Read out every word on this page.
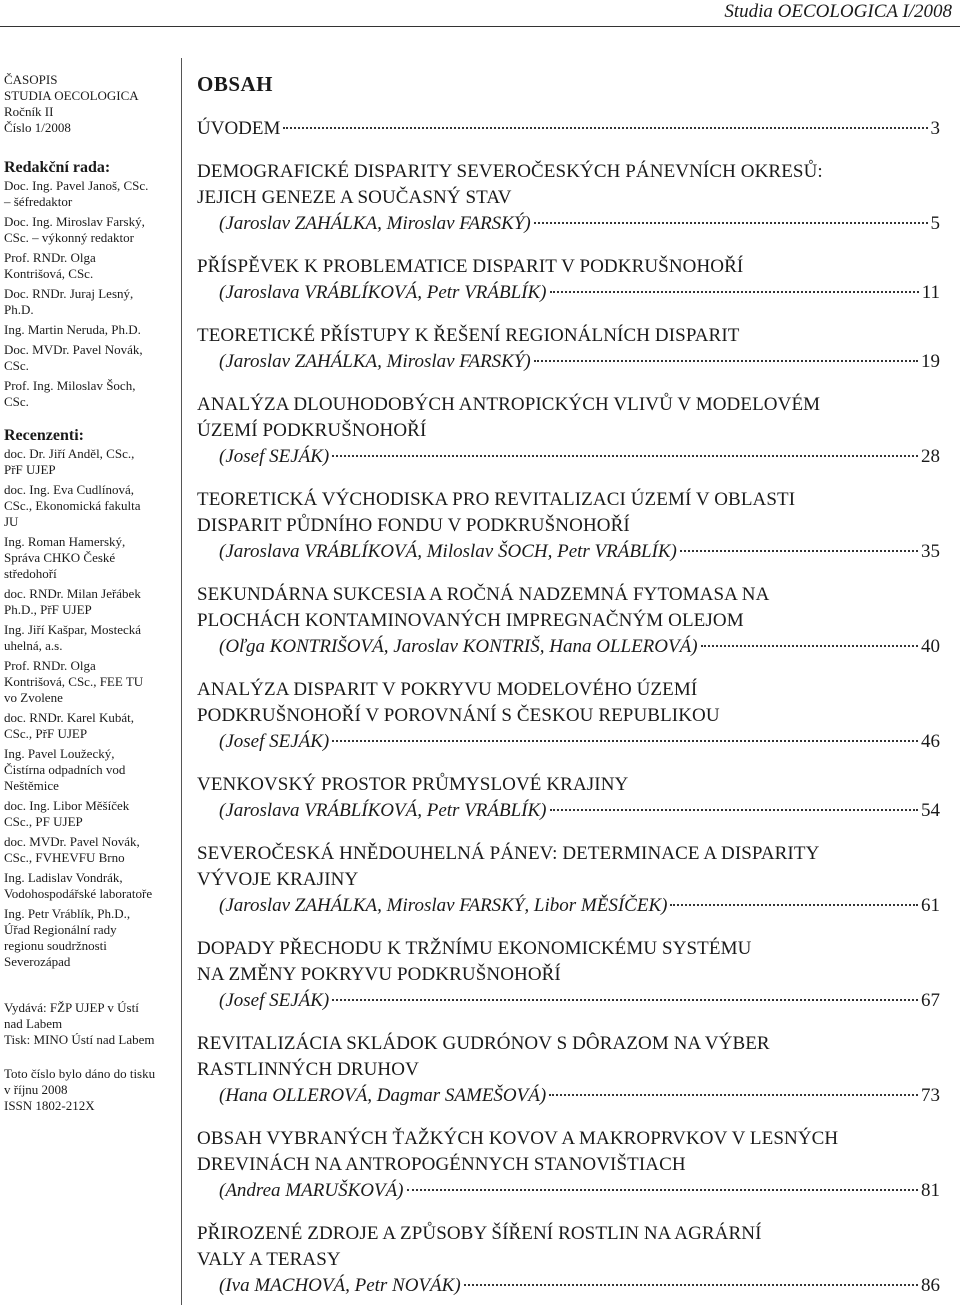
Studia OECOLOGICA I/2008
ČASOPIS
STUDIA OECOLOGICA
Ročník II
Číslo 1/2008
Redakční rada:
Doc. Ing. Pavel Janoš, CSc.
– šéfredaktor
Doc. Ing. Miroslav Farský,
CSc. – výkonný redaktor
Prof. RNDr. Olga
Kontrišová, CSc.
Doc. RNDr. Juraj Lesný,
Ph.D.
Ing. Martin Neruda, Ph.D.
Doc. MVDr. Pavel Novák,
CSc.
Prof. Ing. Miloslav Šoch,
CSc.
Recenzenti:
doc. Dr. Jiří Anděl, CSc.,
PřF UJEP
doc. Ing. Eva Cudlínová,
CSc., Ekonomická fakulta
JU
Ing. Roman Hamerský,
Správa CHKO České
středohoří
doc. RNDr. Milan Jeřábek
Ph.D., PřF UJEP
Ing. Jiří Kašpar, Mostecká
uhelná, a.s.
Prof. RNDr. Olga
Kontrišová, CSc., FEE TU
vo Zvolene
doc. RNDr. Karel Kubát,
CSc., PřF UJEP
Ing. Pavel Loužecký,
Čistírna odpadních vod
Neštěmice
doc. Ing. Libor Měšíček
CSc., PF UJEP
doc. MVDr. Pavel Novák,
CSc., FVHEVFU Brno
Ing. Ladislav Vondrák,
Vodohospodářské laboratoře
Ing. Petr Vráblík, Ph.D.,
Úřad Regionální rady
regionu soudržnosti
Severozápad
Vydává: FŽP UJEP v Ústí
nad Labem
Tisk: MINO Ústí nad Labem
Toto číslo bylo dáno do tisku
v říjnu 2008
ISSN 1802-212X
OBSAH
ÚVODEM	3
DEMOGRAFICKÉ DISPARITY SEVEROČESKÝCH PÁNEVNÍCH OKRESŮ:
JEJICH GENEZE A SOUČASNÝ STAV
(Jaroslav ZAHÁLKA, Miroslav FARSKÝ)	5
PŘÍSPĚVEK K PROBLEMATICE DISPARIT V PODKRUŠNOHOŘÍ
(Jaroslava VRÁBLÍKOVÁ, Petr VRÁBLÍK)	11
TEORETICKÉ PŘÍSTUPY K ŘEŠENÍ REGIONÁLNÍCH DISPARIT
(Jaroslav ZAHÁLKA, Miroslav FARSKÝ)	19
ANALÝZA DLOUHODOBÝCH ANTROPICKÝCH VLIVŮ V MODELOVÉM
ÚZEMÍ PODKRUŠNOHOŘÍ
(Josef SEJÁK)	28
TEORETICKÁ VÝCHODISKA PRO REVITALIZACI ÚZEMÍ V OBLASTI
DISPARIT PŮDNÍHO FONDU V PODKRUŠNOHOŘÍ
(Jaroslava VRÁBLÍKOVÁ, Miloslav ŠOCH, Petr VRÁBLÍK)	35
SEKUNDÁRNA SUKCESIA A ROČNÁ NADZEMNÁ FYTOMASA NA
PLOCHÁCH KONTAMINOVANÝCH IMPREGNAČNÝM OLEJOM
(Oľga KONTRIŠOVÁ, Jaroslav KONTRIŠ, Hana OLLEROVÁ)	40
ANALÝZA DISPARIT V POKRYVU MODELOVÉHO ÚZEMÍ
PODKRUŠNOHOŘÍ V POROVNÁNÍ S ČESKOU REPUBLIKOU
(Josef SEJÁK)	46
VENKOVSKÝ PROSTOR PRŮMYSLOVÉ KRAJINY
(Jaroslava VRÁBLÍKOVÁ, Petr VRÁBLÍK)	54
SEVEROČESKÁ HNĚDOUHELNÁ PÁNEV: DETERMINACE A DISPARITY
VÝVOJE KRAJINY
(Jaroslav ZAHÁLKA, Miroslav FARSKÝ, Libor MĚSÍČEK)	61
DOPADY PŘECHODU K TRŽNÍMU EKONOMICKÉMU SYSTÉMU
NA ZMĚNY POKRYVU PODKRUŠNOHOŘÍ
(Josef SEJÁK)	67
REVITALIZÁCIA SKLÁDOK GUDRÓNOV S DÔRAZOM NA VÝBER
RASTLINNÝCH DRUHOV
(Hana OLLEROVÁ, Dagmar SAMEŠOVÁ)	73
OBSAH VYBRANÝCH ŤAŽKÝCH KOVOV A MAKROPRVKOV V LESNÝCH
DREVINÁCH NA ANTROPOGÉNNYCH STANOVIŠTIACH
(Andrea MARUŠKOVÁ)	81
PŘIROZENÉ ZDROJE A ZPŮSOBY ŠÍŘENÍ ROSTLIN NA AGRÁRNÍ
VALY A TERASY
(Iva MACHOVÁ, Petr NOVÁK)	86
